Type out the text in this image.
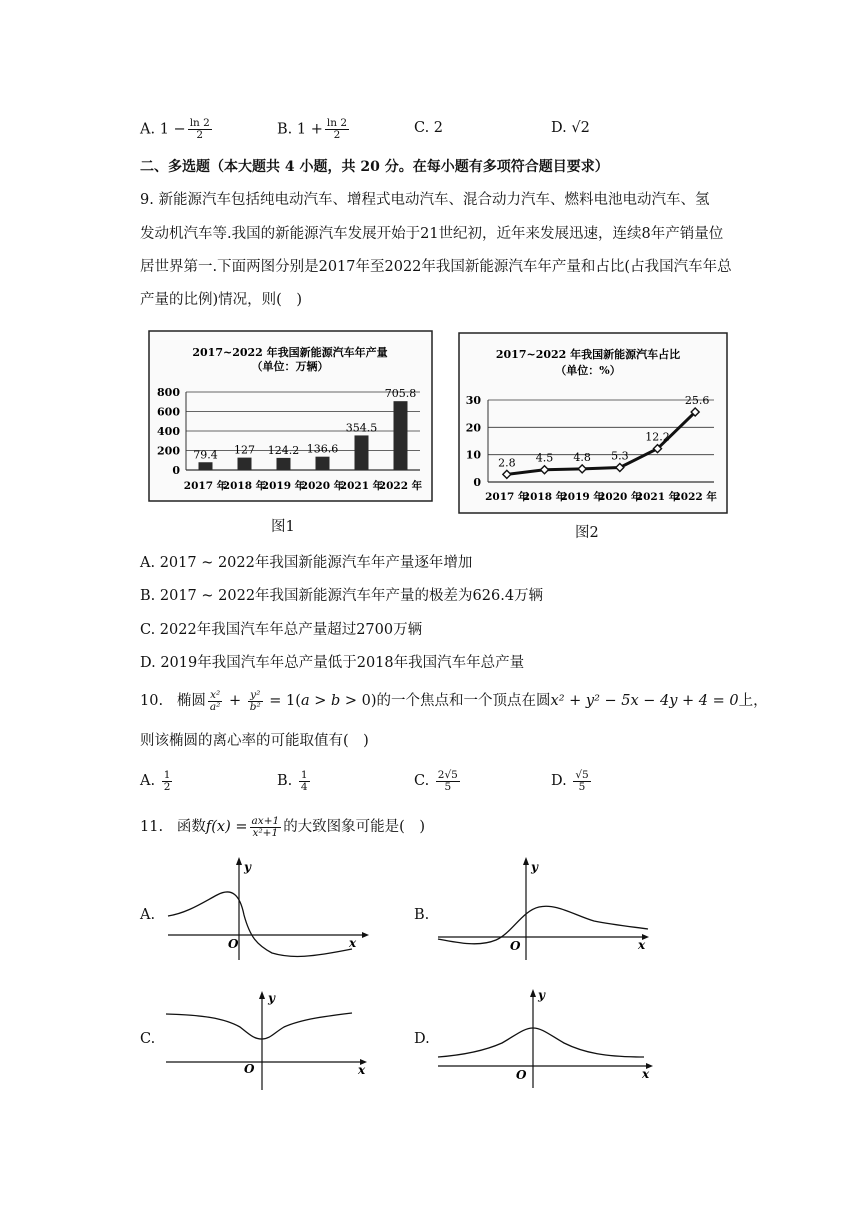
A. $1 - \frac{\ln 2}{2}$	B. $1 + \frac{\ln 2}{2}$	C. 2	D. √2
二、多选题（本大题共 4 小题，共 20 分。在每小题有多项符合题目要求）
9. 新能源汽车包括纯电动汽车、增程式电动汽车、混合动力汽车、燃料电池电动汽车、氢
发动机汽车等.我国的新能源汽车发展开始于21世纪初，近年来发展迅速，连续8年产销量位
居世界第一.下面两图分别是2017年至2022年我国新能源汽车年产量和占比(占我国汽车年总
产量的比例)情况，则(　)
2017~2022 年我国新能源汽车年产量
（单位：万辆）
0
200
400
600
800
79.4
2017 年
127
2018 年
124.2
2019 年
136.6
2020 年
354.5
2021 年
705.8
2022 年
图1
2017~2022 年我国新能源汽车占比
（单位：%）
0
10
20
30
2.8
2017 年
4.5
2018 年
4.8
2019 年
5.3
2020 年
12.2
2021 年
25.6
2022 年
图2
A. 2017 ~ 2022年我国新能源汽车年产量逐年增加
B. 2017 ~ 2022年我国新能源汽车年产量的极差为626.4万辆
C. 2022年我国汽车年总产量超过2700万辆
D. 2019年我国汽车年总产量低于2018年我国汽车年总产量
10. 椭圆 $\frac{\text{x²}}{\text{a²}} + \frac{\text{y²}}{\text{b²}} = 1(a > b > 0)$的一个焦点和一个顶点在圆x² + y² − 5x − 4y + 4 = 0上，
则该椭圆的离心率的可能取值有(　)
A. $\frac{1}{2}$	B. $\frac{1}{4}$	C. $\frac{2√5}{5}$	D. $\frac{√5}{5}$
11. 函数$f(x) = \frac{ax+1}{\text{x²+1}}$ 的大致图象可能是(　)
A.
y
x
O
B.
y
x
O
C.
y
x
O
D.
y
x
O
